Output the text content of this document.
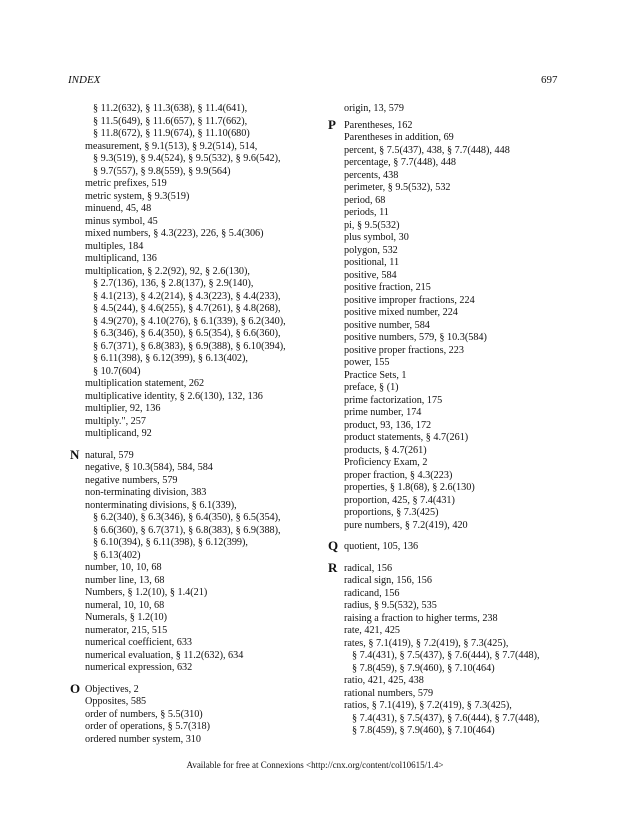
INDEX	697
§ 11.2(632), § 11.3(638), § 11.4(641),
§ 11.5(649), § 11.6(657), § 11.7(662),
§ 11.8(672), § 11.9(674), § 11.10(680)
measurement, § 9.1(513), § 9.2(514), 514,
§ 9.3(519), § 9.4(524), § 9.5(532), § 9.6(542),
§ 9.7(557), § 9.8(559), § 9.9(564)
metric prefixes, 519
metric system, § 9.3(519)
minuend, 45, 48
minus symbol, 45
mixed numbers, § 4.3(223), 226, § 5.4(306)
multiples, 184
multiplicand, 136
multiplication, § 2.2(92), 92, § 2.6(130),
§ 2.7(136), 136, § 2.8(137), § 2.9(140),
§ 4.1(213), § 4.2(214), § 4.3(223), § 4.4(233),
§ 4.5(244), § 4.6(255), § 4.7(261), § 4.8(268),
§ 4.9(270), § 4.10(276), § 6.1(339), § 6.2(340),
§ 6.3(346), § 6.4(350), § 6.5(354), § 6.6(360),
§ 6.7(371), § 6.8(383), § 6.9(388), § 6.10(394),
§ 6.11(398), § 6.12(399), § 6.13(402),
§ 10.7(604)
multiplication statement, 262
multiplicative identity, § 2.6(130), 132, 136
multiplier, 92, 136
multiply.", 257
multiplicand, 92
N natural, 579
negative, § 10.3(584), 584, 584
negative numbers, 579
non-terminating division, 383
nonterminating divisions, § 6.1(339),
§ 6.2(340), § 6.3(346), § 6.4(350), § 6.5(354),
§ 6.6(360), § 6.7(371), § 6.8(383), § 6.9(388),
§ 6.10(394), § 6.11(398), § 6.12(399),
§ 6.13(402)
number, 10, 10, 68
number line, 13, 68
Numbers, § 1.2(10), § 1.4(21)
numeral, 10, 10, 68
Numerals, § 1.2(10)
numerator, 215, 515
numerical coefficient, 633
numerical evaluation, § 11.2(632), 634
numerical expression, 632
O Objectives, 2
Opposites, 585
order of numbers, § 5.5(310)
order of operations, § 5.7(318)
ordered number system, 310
origin, 13, 579
P Parentheses, 162
Parentheses in addition, 69
percent, § 7.5(437), 438, § 7.7(448), 448
percentage, § 7.7(448), 448
percents, 438
perimeter, § 9.5(532), 532
period, 68
periods, 11
pi, § 9.5(532)
plus symbol, 30
polygon, 532
positional, 11
positive, 584
positive fraction, 215
positive improper fractions, 224
positive mixed number, 224
positive number, 584
positive numbers, 579, § 10.3(584)
positive proper fractions, 223
power, 155
Practice Sets, 1
preface, § (1)
prime factorization, 175
prime number, 174
product, 93, 136, 172
product statements, § 4.7(261)
products, § 4.7(261)
Proficiency Exam, 2
proper fraction, § 4.3(223)
properties, § 1.8(68), § 2.6(130)
proportion, 425, § 7.4(431)
proportions, § 7.3(425)
pure numbers, § 7.2(419), 420
Q quotient, 105, 136
R radical, 156
radical sign, 156, 156
radicand, 156
radius, § 9.5(532), 535
raising a fraction to higher terms, 238
rate, 421, 425
rates, § 7.1(419), § 7.2(419), § 7.3(425),
§ 7.4(431), § 7.5(437), § 7.6(444), § 7.7(448),
§ 7.8(459), § 7.9(460), § 7.10(464)
ratio, 421, 425, 438
rational numbers, 579
ratios, § 7.1(419), § 7.2(419), § 7.3(425),
§ 7.4(431), § 7.5(437), § 7.6(444), § 7.7(448),
§ 7.8(459), § 7.9(460), § 7.10(464)
Available for free at Connexions <http://cnx.org/content/col10615/1.4>
